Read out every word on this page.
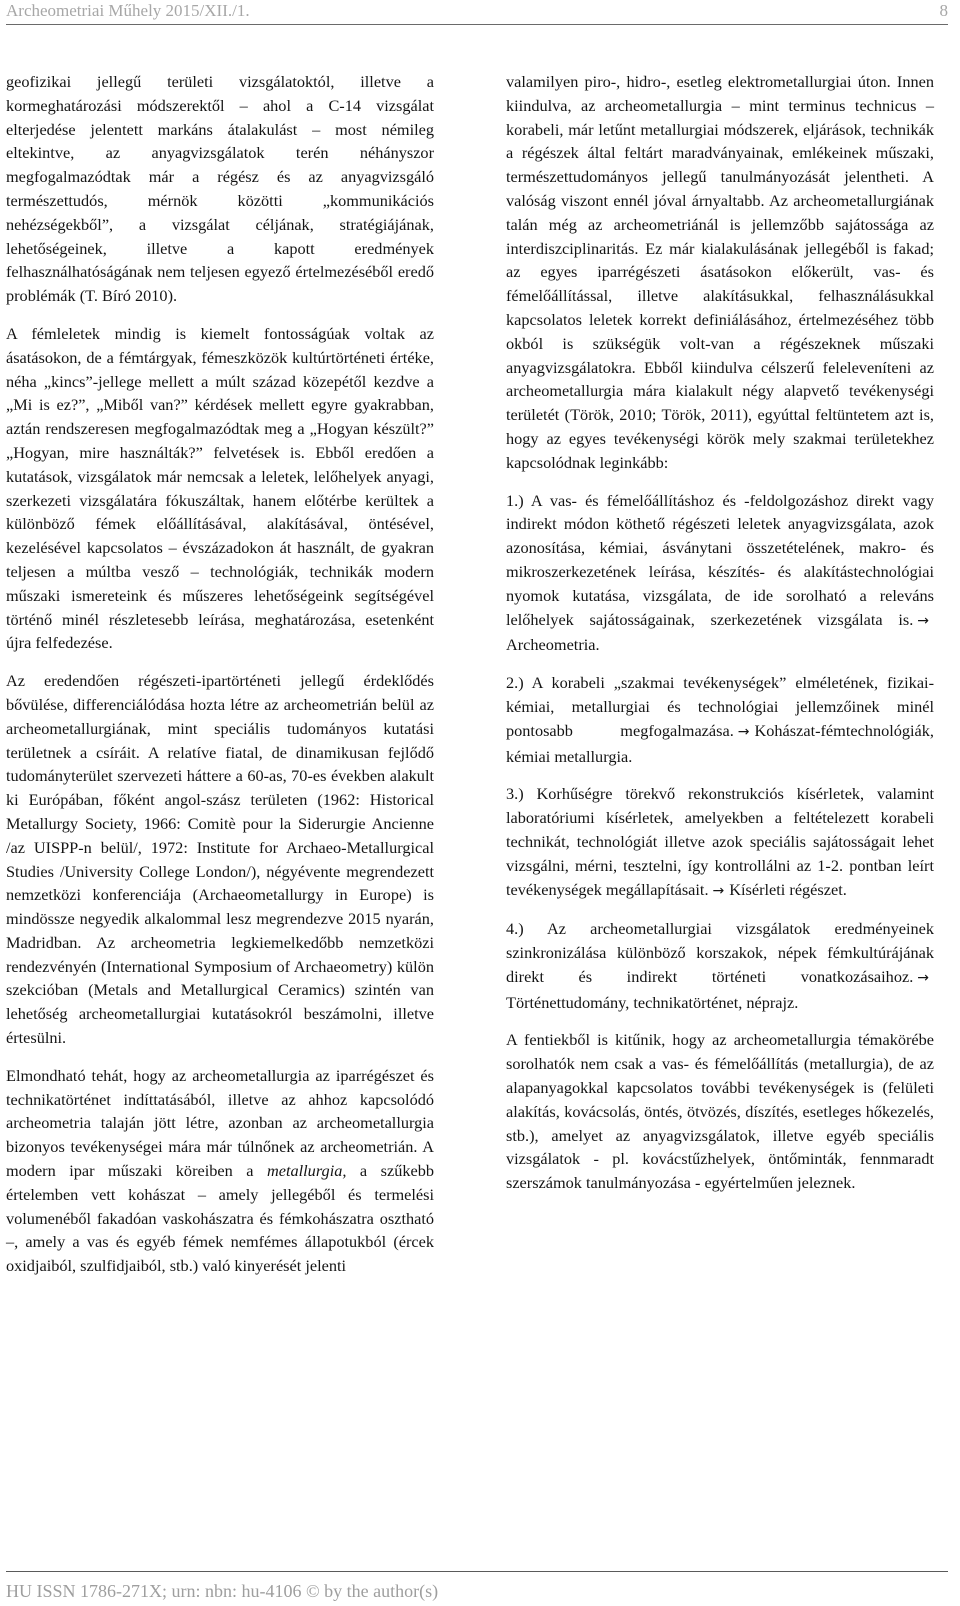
Archeometriai Műhely 2015/XII./1.	8

geofizikai jellegű területi vizsgálatoktól, illetve a kormeghatározási módszerektől – ahol a C-14 vizsgálat elterjedése jelentett markáns átalakulást – most némileg eltekintve, az anyagvizsgálatok terén néhányszor megfogalmazódtak már a régész és az anyagvizsgáló természettudós, mérnök közötti „kommunikációs nehézségekből”, a vizsgálat céljának, stratégiájának, lehetőségeinek, illetve a kapott eredmények felhasználhatóságának nem teljesen egyező értelmezéséből eredő problémák (T. Bíró 2010).

A fémleletek mindig is kiemelt fontosságúak voltak az ásatásokon, de a fémtárgyak, fémeszközök kultúrtörténeti értéke, néha „kincs”-jellege mellett a múlt század közepétől kezdve a „Mi is ez?”, „Miből van?” kérdések mellett egyre gyakrabban, aztán rendszeresen megfogalmazódtak meg a „Hogyan készült?” „Hogyan, mire használták?” felvetések is. Ebből eredően a kutatások, vizsgálatok már nemcsak a leletek, lelőhelyek anyagi, szerkezeti vizsgálatára fókuszáltak, hanem előtérbe kerültek a különböző fémek előállításával, alakításával, öntésével, kezelésével kapcsolatos – évszázadokon át használt, de gyakran teljesen a múltba vesző – technológiák, technikák modern műszaki ismereteink és műszeres lehetőségeink segítségével történő minél részletesebb leírása, meghatározása, esetenként újra felfedezése.

Az eredendően régészeti-ipartörténeti jellegű érdeklődés bővülése, differenciálódása hozta létre az archeometrián belül az archeometallurgiának, mint speciális tudományos kutatási területnek a csíráit. A relatíve fiatal, de dinamikusan fejlődő tudományterület szervezeti háttere a 60-as, 70-es években alakult ki Európában, főként angol-szász területen (1962: Historical Metallurgy Society, 1966: Comitè pour la Siderurgie Ancienne /az UISPP-n belül/, 1972: Institute for Archaeo-Metallurgical Studies /University College London/), négyévente megrendezett nemzetközi konferenciája (Archaeometallurgy in Europe) is mindössze negyedik alkalommal lesz megrendezve 2015 nyarán, Madridban. Az archeometria legkiemelkedőbb nemzetközi rendezvényén (International Symposium of Archaeometry) külön szekcióban (Metals and Metallurgical Ceramics) szintén van lehetőség archeometallurgiai kutatásokról beszámolni, illetve értesülni.

Elmondható tehát, hogy az archeometallurgia az iparrégészet és technikatörténet indíttatásából, illetve az ahhoz kapcsolódó archeometria talaján jött létre, azonban az archeometallurgia bizonyos tevékenységei mára már túlnőnek az archeometrián. A modern ipar műszaki köreiben a metallurgia, a szűkebb értelemben vett kohászat – amely jellegéből és termelési volumenéből fakadóan vaskohászatra és fémkohászatra osztható –, amely a vas és egyéb fémek nemfémes állapotukból (ércek oxidjaiból, szulfidjaiból, stb.) való kinyerését jelenti

valamilyen piro-, hidro-, esetleg elektrometallurgiai úton. Innen kiindulva, az archeometallurgia – mint terminus technicus – korabeli, már letűnt metallurgiai módszerek, eljárások, technikák a régészek által feltárt maradványainak, emlékeinek műszaki, természettudományos jellegű tanulmányozását jelentheti. A valóság viszont ennél jóval árnyaltabb. Az archeometallurgiának talán még az archeometriánál is jellemzőbb sajátossága az interdiszciplinaritás. Ez már kialakulásának jellegéből is fakad; az egyes iparrégészeti ásatásokon előkerült, vas- és fémelőállítással, illetve alakításukkal, felhasználásukkal kapcsolatos leletek korrekt definiálásához, értelmezéséhez több okból is szükségük volt-van a régészeknek műszaki anyagvizsgálatokra. Ebből kiindulva célszerű feleleveníteni az archeometallurgia mára kialakult négy alapvető tevékenységi területét (Török, 2010; Török, 2011), egyúttal feltüntetem azt is, hogy az egyes tevékenységi körök mely szakmai területekhez kapcsolódnak leginkább:

1.) A vas- és fémelőállításhoz és -feldolgozáshoz direkt vagy indirekt módon köthető régészeti leletek anyagvizsgálata, azok azonosítása, kémiai, ásványtani összetételének, makro- és mikroszerkezetének leírása, készítés- és alakítástechnológiai nyomok kutatása, vizsgálata, de ide sorolható a releváns lelőhelyek sajátosságainak, szerkezetének vizsgálata is. →Archeometria.

2.) A korabeli „szakmai tevékenységek” elméletének, fizikai-kémiai, metallurgiai és technológiai jellemzőinek minél pontosabb megfogalmazása. → Kohászat-fémtechnológiák, kémiai metallurgia.

3.) Korhűségre törekvő rekonstrukciós kísérletek, valamint laboratóriumi kísérletek, amelyekben a feltételezett korabeli technikát, technológiát illetve azok speciális sajátosságait lehet vizsgálni, mérni, tesztelni, így kontrollálni az 1-2. pontban leírt tevékenységek megállapításait. → Kísérleti régészet.

4.) Az archeometallurgiai vizsgálatok eredményeinek szinkronizálása különböző korszakok, népek fémkultúrájának direkt és indirekt történeti vonatkozásaihoz. →Történettudomány, technikatörténet, néprajz.

A fentiekből is kitűnik, hogy az archeometallurgia témakörébe sorolhatók nem csak a vas- és fémelőállítás (metallurgia), de az alapanyagokkal kapcsolatos további tevékenységek is (felületi alakítás, kovácsolás, öntés, ötvözés, díszítés, esetleges hőkezelés, stb.), amelyet az anyagvizsgálatok, illetve egyéb speciális vizsgálatok - pl. kovácstűzhelyek, öntőminták, fennmaradt szerszámok tanulmányozása - egyértelműen jeleznek.

HU ISSN 1786-271X; urn: nbn: hu-4106 © by the author(s)
